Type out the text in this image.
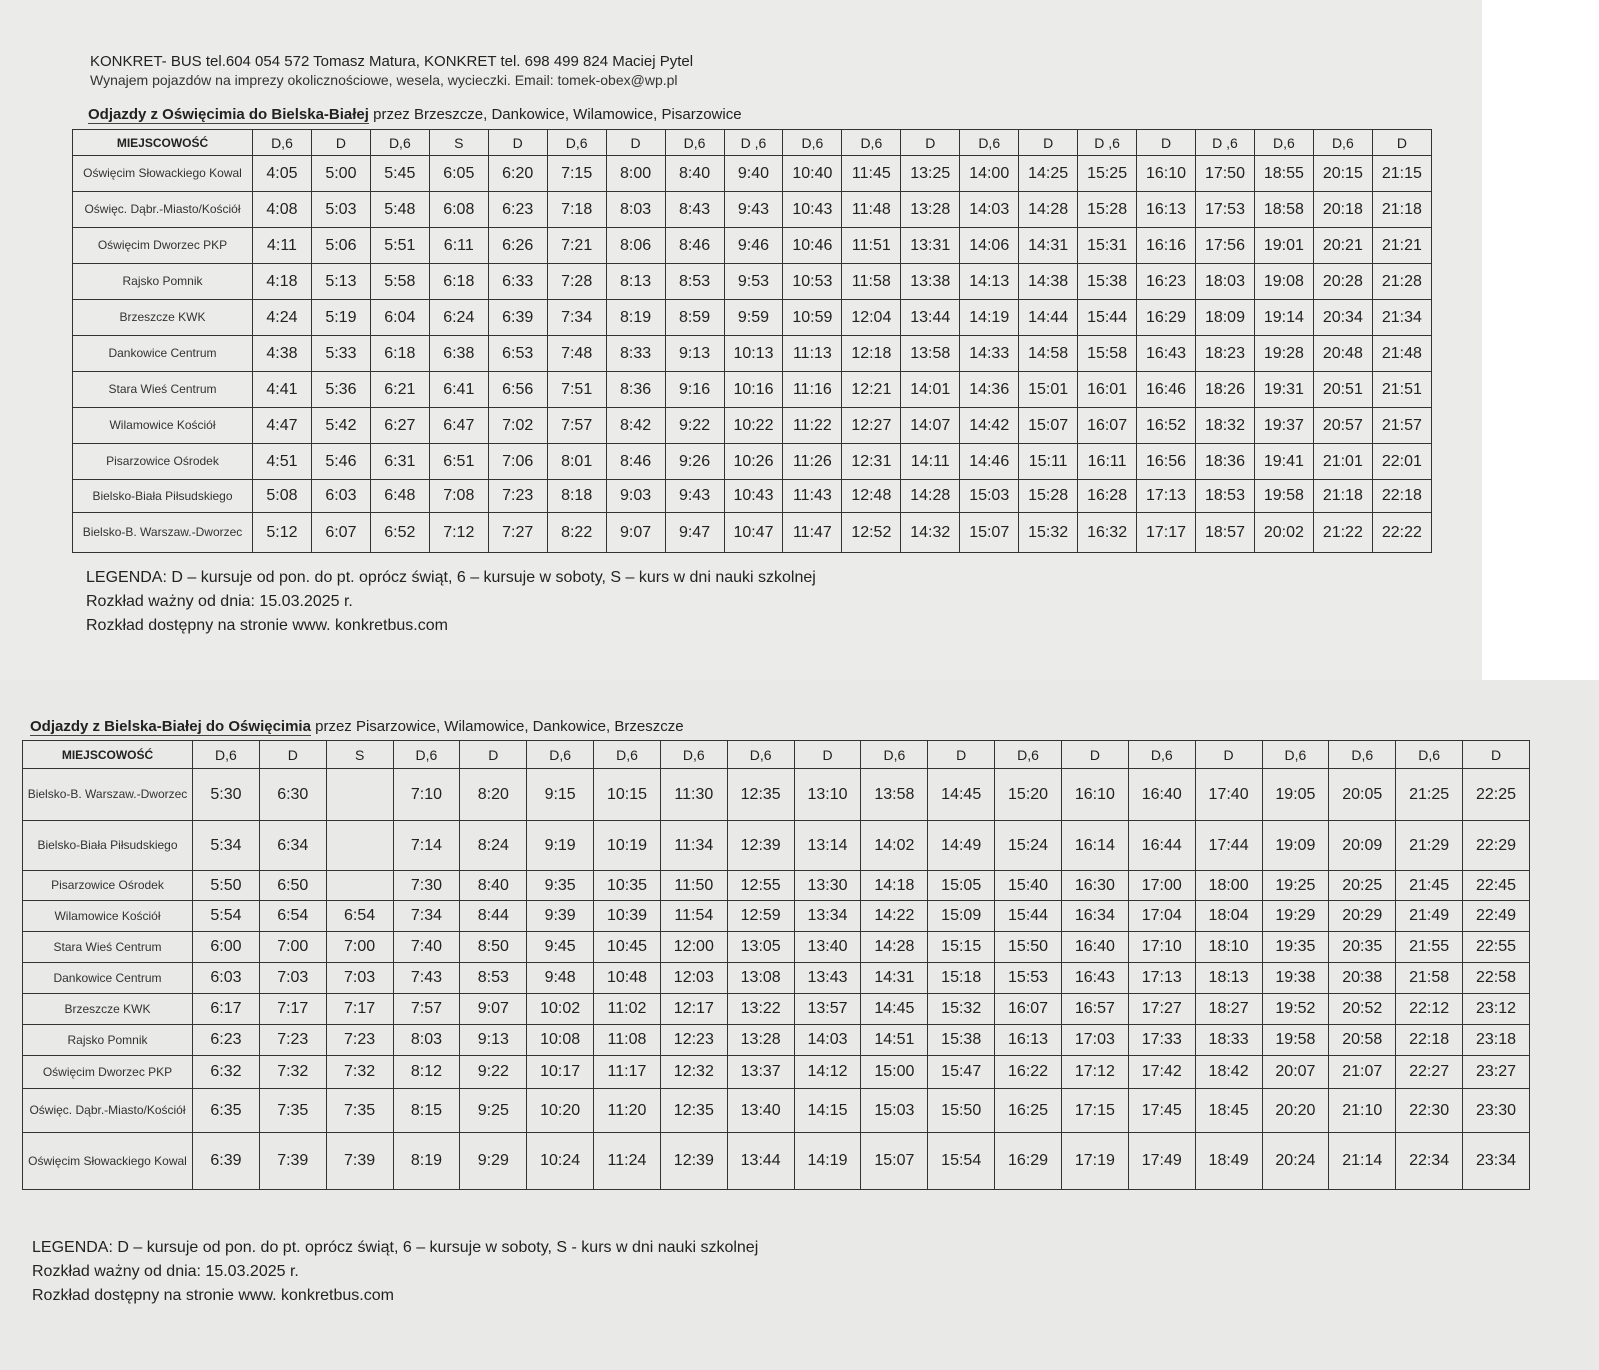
KONKRET- BUS tel.604 054 572 Tomasz Matura, KONKRET tel. 698 499 824 Maciej Pytel
Wynajem pojazdów na imprezy okolicznościowe, wesela, wycieczki. Email: tomek-obex@wp.pl
Odjazdy z Oświęcimia do Bielska-Białej przez Brzeszcze, Dankowice, Wilamowice, Pisarzowice
MIEJSCOWOŚĆ	D,6	D	D,6	S	D	D,6	D	D,6	D ,6	D,6	D,6	D	D,6	D	D ,6	D	D ,6	D,6	D,6	D
Oświęcim Słowackiego Kowal	4:05	5:00	5:45	6:05	6:20	7:15	8:00	8:40	9:40	10:40	11:45	13:25	14:00	14:25	15:25	16:10	17:50	18:55	20:15	21:15
Oświęc. Dąbr.-Miasto/Kościół	4:08	5:03	5:48	6:08	6:23	7:18	8:03	8:43	9:43	10:43	11:48	13:28	14:03	14:28	15:28	16:13	17:53	18:58	20:18	21:18
Oświęcim Dworzec PKP	4:11	5:06	5:51	6:11	6:26	7:21	8:06	8:46	9:46	10:46	11:51	13:31	14:06	14:31	15:31	16:16	17:56	19:01	20:21	21:21
Rajsko Pomnik	4:18	5:13	5:58	6:18	6:33	7:28	8:13	8:53	9:53	10:53	11:58	13:38	14:13	14:38	15:38	16:23	18:03	19:08	20:28	21:28
Brzeszcze KWK	4:24	5:19	6:04	6:24	6:39	7:34	8:19	8:59	9:59	10:59	12:04	13:44	14:19	14:44	15:44	16:29	18:09	19:14	20:34	21:34
Dankowice Centrum	4:38	5:33	6:18	6:38	6:53	7:48	8:33	9:13	10:13	11:13	12:18	13:58	14:33	14:58	15:58	16:43	18:23	19:28	20:48	21:48
Stara Wieś Centrum	4:41	5:36	6:21	6:41	6:56	7:51	8:36	9:16	10:16	11:16	12:21	14:01	14:36	15:01	16:01	16:46	18:26	19:31	20:51	21:51
Wilamowice Kościół	4:47	5:42	6:27	6:47	7:02	7:57	8:42	9:22	10:22	11:22	12:27	14:07	14:42	15:07	16:07	16:52	18:32	19:37	20:57	21:57
Pisarzowice Ośrodek	4:51	5:46	6:31	6:51	7:06	8:01	8:46	9:26	10:26	11:26	12:31	14:11	14:46	15:11	16:11	16:56	18:36	19:41	21:01	22:01
Bielsko-Biała Piłsudskiego	5:08	6:03	6:48	7:08	7:23	8:18	9:03	9:43	10:43	11:43	12:48	14:28	15:03	15:28	16:28	17:13	18:53	19:58	21:18	22:18
Bielsko-B. Warszaw.-Dworzec	5:12	6:07	6:52	7:12	7:27	8:22	9:07	9:47	10:47	11:47	12:52	14:32	15:07	15:32	16:32	17:17	18:57	20:02	21:22	22:22
LEGENDA: D – kursuje od pon. do pt. oprócz świąt, 6 – kursuje w soboty, S – kurs w dni nauki szkolnej
Rozkład ważny od dnia: 15.03.2025 r.
Rozkład dostępny na stronie www. konkretbus.com
Odjazdy z Bielska-Białej do Oświęcimia przez Pisarzowice, Wilamowice, Dankowice, Brzeszcze
MIEJSCOWOŚĆ	D,6	D	S	D,6	D	D,6	D,6	D,6	D,6	D	D,6	D	D,6	D	D,6	D	D,6	D,6	D,6	D
Bielsko-B. Warszaw.-Dworzec	5:30	6:30		7:10	8:20	9:15	10:15	11:30	12:35	13:10	13:58	14:45	15:20	16:10	16:40	17:40	19:05	20:05	21:25	22:25
Bielsko-Biała Piłsudskiego	5:34	6:34		7:14	8:24	9:19	10:19	11:34	12:39	13:14	14:02	14:49	15:24	16:14	16:44	17:44	19:09	20:09	21:29	22:29
Pisarzowice Ośrodek	5:50	6:50		7:30	8:40	9:35	10:35	11:50	12:55	13:30	14:18	15:05	15:40	16:30	17:00	18:00	19:25	20:25	21:45	22:45
Wilamowice Kościół	5:54	6:54	6:54	7:34	8:44	9:39	10:39	11:54	12:59	13:34	14:22	15:09	15:44	16:34	17:04	18:04	19:29	20:29	21:49	22:49
Stara Wieś Centrum	6:00	7:00	7:00	7:40	8:50	9:45	10:45	12:00	13:05	13:40	14:28	15:15	15:50	16:40	17:10	18:10	19:35	20:35	21:55	22:55
Dankowice Centrum	6:03	7:03	7:03	7:43	8:53	9:48	10:48	12:03	13:08	13:43	14:31	15:18	15:53	16:43	17:13	18:13	19:38	20:38	21:58	22:58
Brzeszcze KWK	6:17	7:17	7:17	7:57	9:07	10:02	11:02	12:17	13:22	13:57	14:45	15:32	16:07	16:57	17:27	18:27	19:52	20:52	22:12	23:12
Rajsko Pomnik	6:23	7:23	7:23	8:03	9:13	10:08	11:08	12:23	13:28	14:03	14:51	15:38	16:13	17:03	17:33	18:33	19:58	20:58	22:18	23:18
Oświęcim Dworzec PKP	6:32	7:32	7:32	8:12	9:22	10:17	11:17	12:32	13:37	14:12	15:00	15:47	16:22	17:12	17:42	18:42	20:07	21:07	22:27	23:27
Oświęc. Dąbr.-Miasto/Kościół	6:35	7:35	7:35	8:15	9:25	10:20	11:20	12:35	13:40	14:15	15:03	15:50	16:25	17:15	17:45	18:45	20:20	21:10	22:30	23:30
Oświęcim Słowackiego Kowal	6:39	7:39	7:39	8:19	9:29	10:24	11:24	12:39	13:44	14:19	15:07	15:54	16:29	17:19	17:49	18:49	20:24	21:14	22:34	23:34
LEGENDA: D – kursuje od pon. do pt. oprócz świąt, 6 – kursuje w soboty, S - kurs w dni nauki szkolnej
Rozkład ważny od dnia: 15.03.2025 r.
Rozkład dostępny na stronie www. konkretbus.com
